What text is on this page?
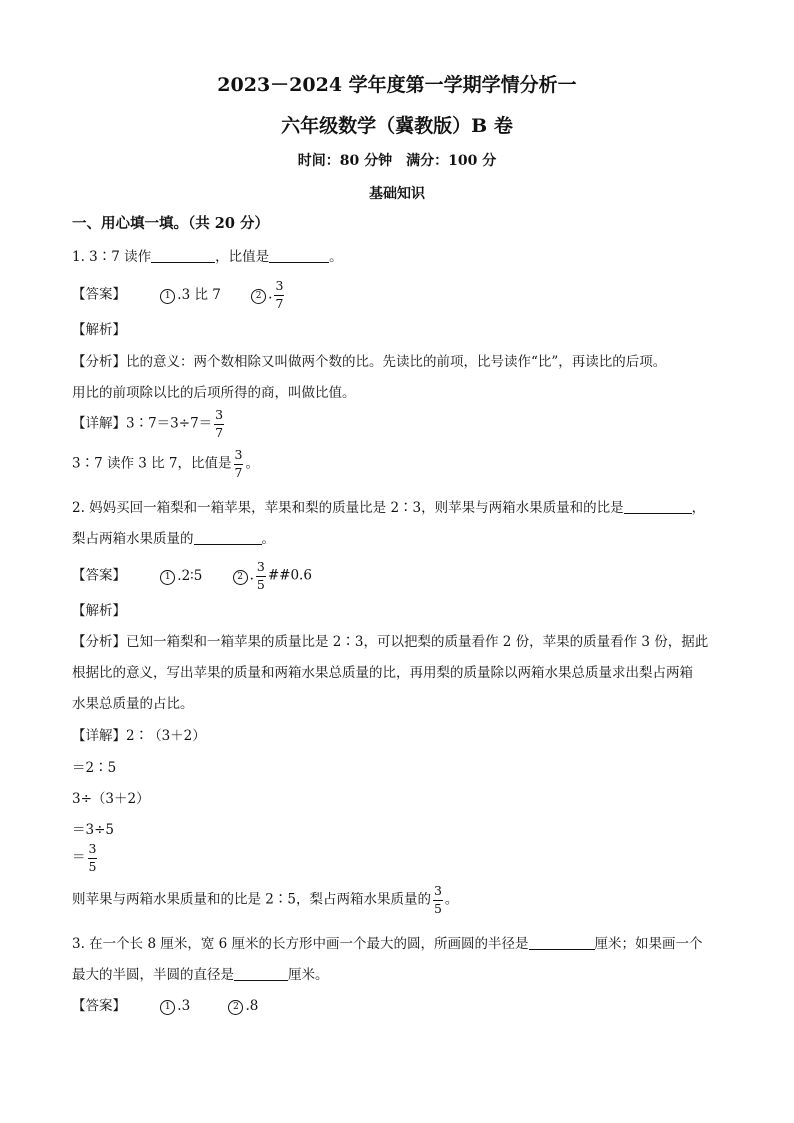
2023－2024 学年度第一学期学情分析一
六年级数学（冀教版）B 卷
时间：80 分钟　满分：100 分
基础知识
一、用心填一填。（共 20 分）
1. 3∶7 读作	，比值是	。
【答案】	1 .3 比 7	2 . $\frac{3}{7}$
【解析】
【分析】比的意义：两个数相除又叫做两个数的比。先读比的前项，比号读作“比”，再读比的后项。
用比的前项除以比的后项所得的商，叫做比值。
【详解】3∶7＝3÷7＝ $\frac{3}{7}$
3∶7 读作 3 比 7，比值是 $\frac{3}{7}$ 。
2. 妈妈买回一箱梨和一箱苹果，苹果和梨的质量比是 2∶3，则苹果与两箱水果质量和的比是	，
梨占两箱水果质量的	。
【答案】	1 .2∶5	2 . $\frac{3}{5}$ ##0.6
【解析】
【分析】已知一箱梨和一箱苹果的质量比是 2∶3，可以把梨的质量看作 2 份，苹果的质量看作 3 份，据此
根据比的意义，写出苹果的质量和两箱水果总质量的比，再用梨的质量除以两箱水果总质量求出梨占两箱
水果总质量的占比。
【详解】2∶（3＋2）
＝2∶5
3÷（3＋2）
＝3÷5
＝ $\frac{3}{5}$
则苹果与两箱水果质量和的比是 2∶5，梨占两箱水果质量的 $\frac{3}{5}$ 。
3. 在一个长 8 厘米，宽 6 厘米的长方形中画一个最大的圆，所画圆的半径是	厘米；如果画一个
最大的半圆，半圆的直径是	厘米。
【答案】	1 .3	2 .8
